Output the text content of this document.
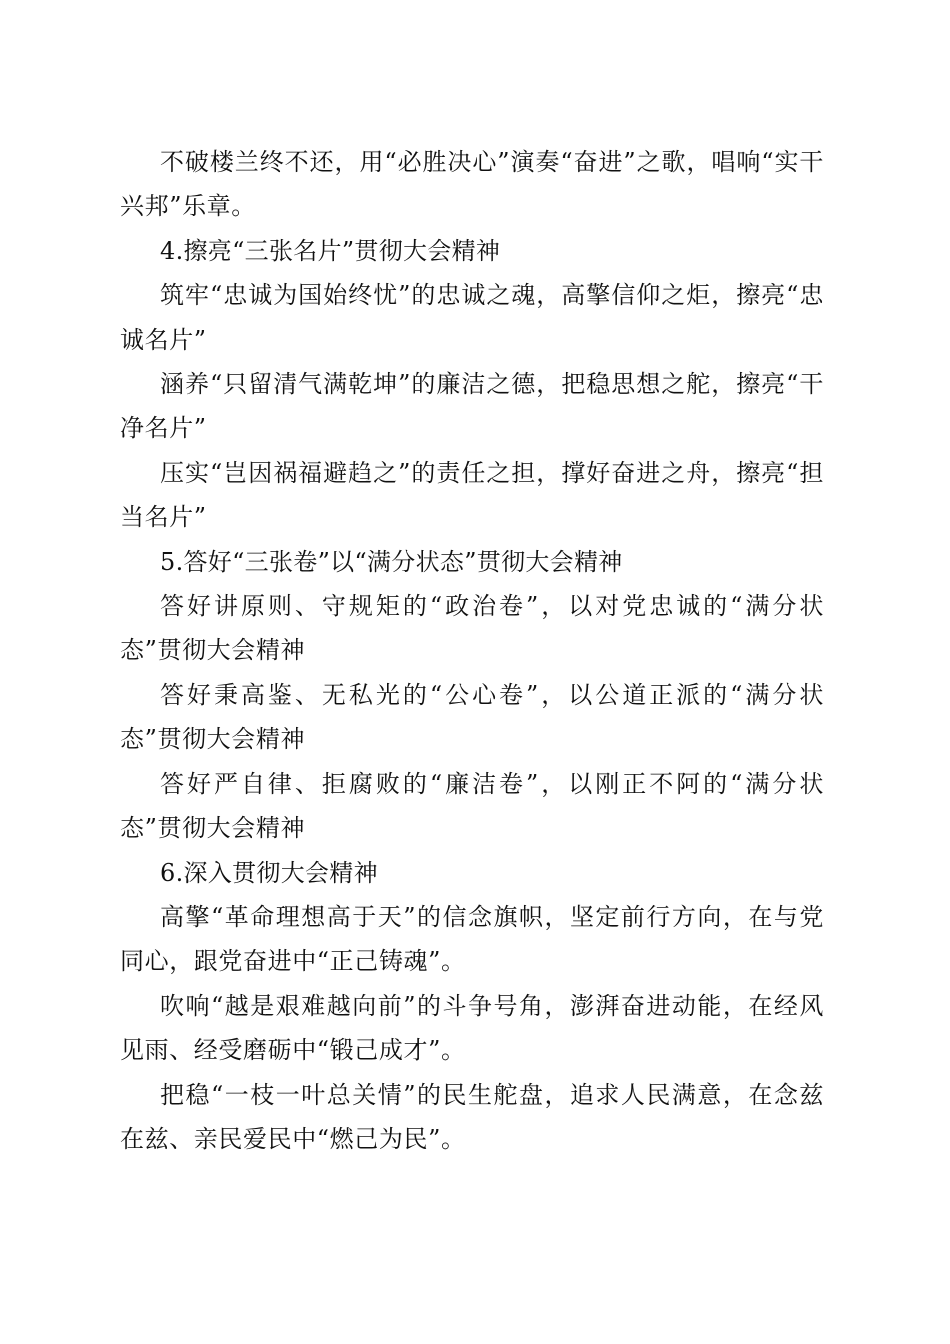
不破楼兰终不还，用“必胜决心”演奏“奋进”之歌，唱响“实干兴邦”乐章。

4.擦亮“三张名片”贯彻大会精神

筑牢“忠诚为国始终忧”的忠诚之魂，高擎信仰之炬，擦亮“忠诚名片”

涵养“只留清气满乾坤”的廉洁之德，把稳思想之舵，擦亮“干净名片”

压实“岂因祸福避趋之”的责任之担，撑好奋进之舟，擦亮“担当名片”

5.答好“三张卷”以“满分状态”贯彻大会精神

答好讲原则、守规矩的“政治卷”，以对党忠诚的“满分状态”贯彻大会精神

答好秉高鉴、无私光的“公心卷”，以公道正派的“满分状态”贯彻大会精神

答好严自律、拒腐败的“廉洁卷”，以刚正不阿的“满分状态”贯彻大会精神

6.深入贯彻大会精神

高擎“革命理想高于天”的信念旗帜，坚定前行方向，在与党同心，跟党奋进中“正己铸魂”。

吹响“越是艰难越向前”的斗争号角，澎湃奋进动能，在经风见雨、经受磨砺中“锻己成才”。

把稳“一枝一叶总关情”的民生舵盘，追求人民满意，在念兹在兹、亲民爱民中“燃己为民”。
